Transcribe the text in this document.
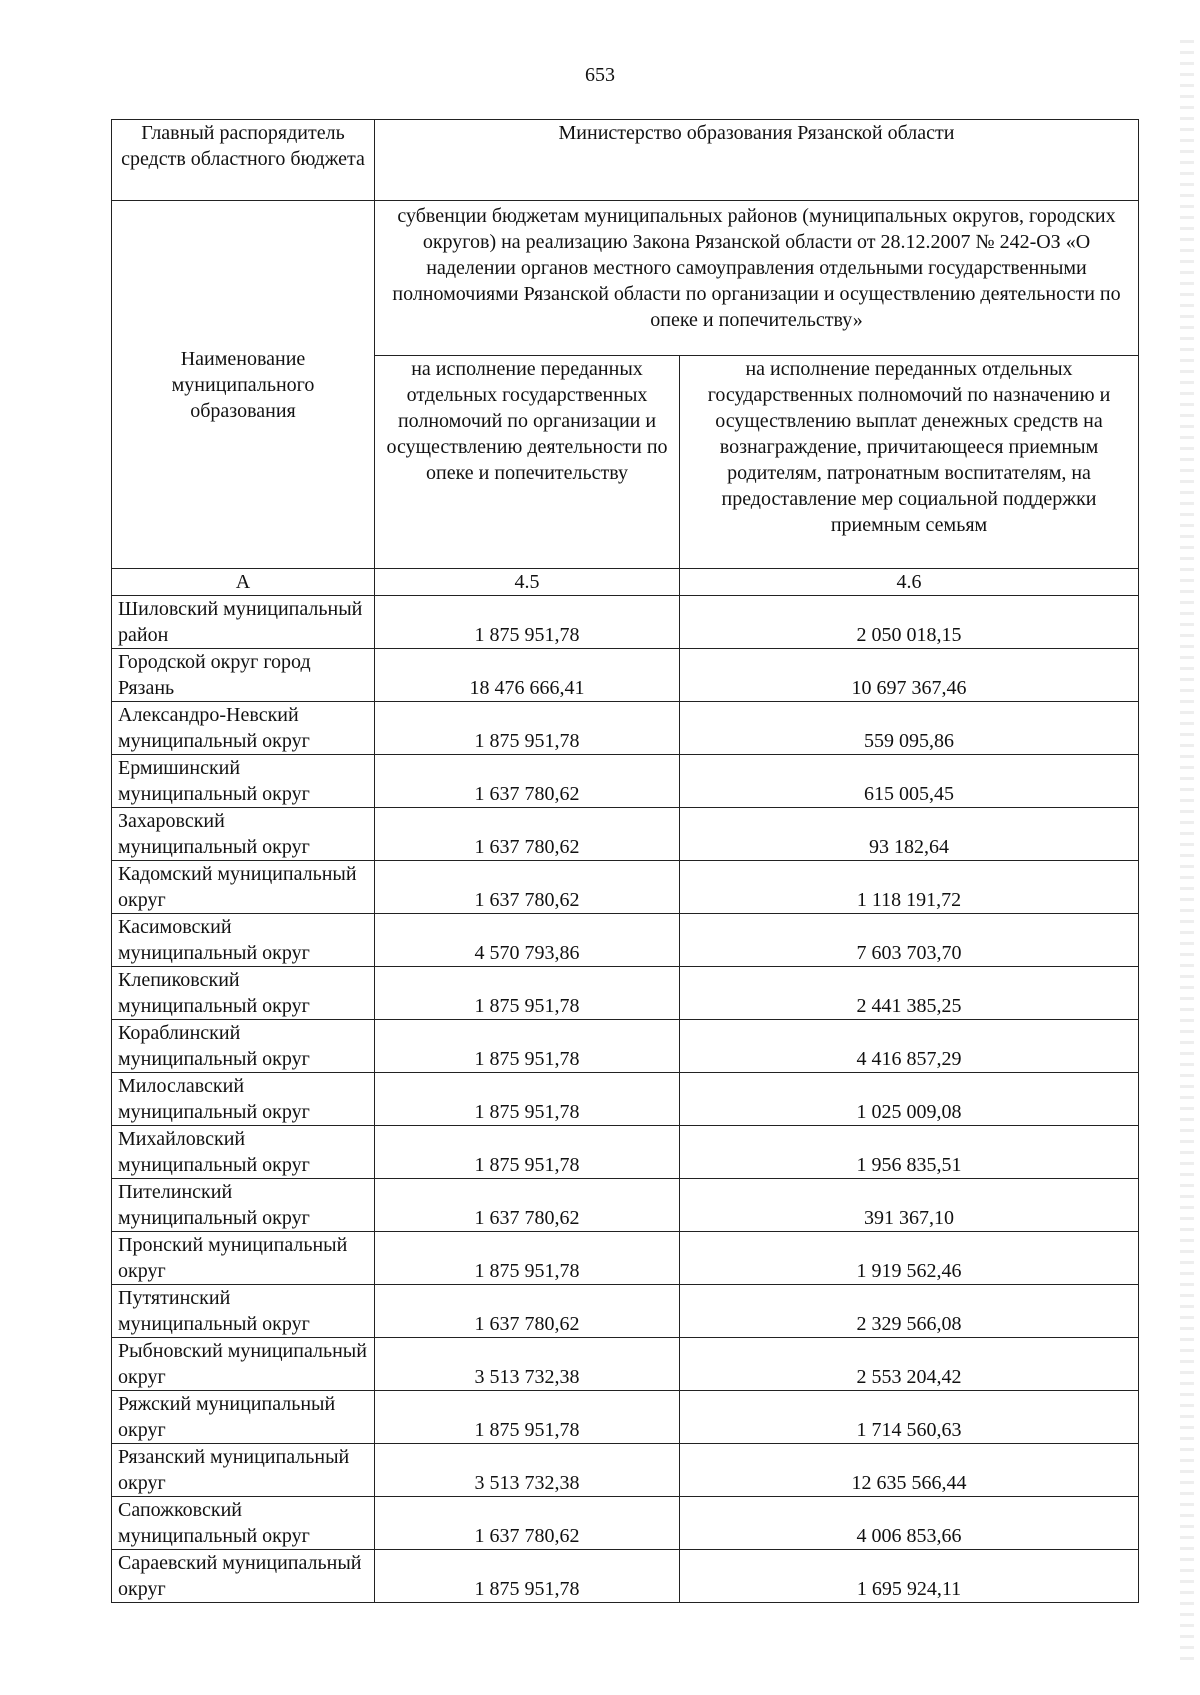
653
Главный распорядитель средств областного бюджета	Министерство образования Рязанской области	
Наименование муниципального образования	субвенции бюджетам муниципальных районов (муниципальных округов, городских округов) на реализацию Закона Рязанской области от 28.12.2007 № 242-ОЗ «О наделении органов местного самоуправления отдельными государственными полномочиями Рязанской области по организации и осуществлению деятельности по опеке и попечительству»	
	на исполнение переданных отдельных государственных полномочий по организации и осуществлению деятельности по опеке и попечительству	на исполнение переданных отдельных государственных полномочий по назначению и осуществлению выплат денежных средств на вознаграждение, причитающееся приемным родителям, патронатным воспитателям, на предоставление мер социальной поддержки приемным семьям
А	4.5	4.6
Шиловский муниципальный район	1 875 951,78	2 050 018,15

Городской округ город Рязань	18 476 666,41	10 697 367,46

Александро-Невский муниципальный округ	1 875 951,78	559 095,86

Ермишинский муниципальный округ	1 637 780,62	615 005,45

Захаровский муниципальный округ	1 637 780,62	93 182,64

Кадомский муниципальный округ	1 637 780,62	1 118 191,72

Касимовский муниципальный округ	4 570 793,86	7 603 703,70

Клепиковский муниципальный округ	1 875 951,78	2 441 385,25

Кораблинский муниципальный округ	1 875 951,78	4 416 857,29

Милославский муниципальный округ	1 875 951,78	1 025 009,08

Михайловский муниципальный округ	1 875 951,78	1 956 835,51

Пителинский муниципальный округ	1 637 780,62	391 367,10

Пронский муниципальный округ	1 875 951,78	1 919 562,46

Путятинский муниципальный округ	1 637 780,62	2 329 566,08

Рыбновский муниципальный округ	3 513 732,38	2 553 204,42

Ряжский муниципальный округ	1 875 951,78	1 714 560,63

Рязанский муниципальный округ	3 513 732,38	12 635 566,44

Сапожковский муниципальный округ	1 637 780,62	4 006 853,66

Сараевский муниципальный округ	1 875 951,78	1 695 924,11
